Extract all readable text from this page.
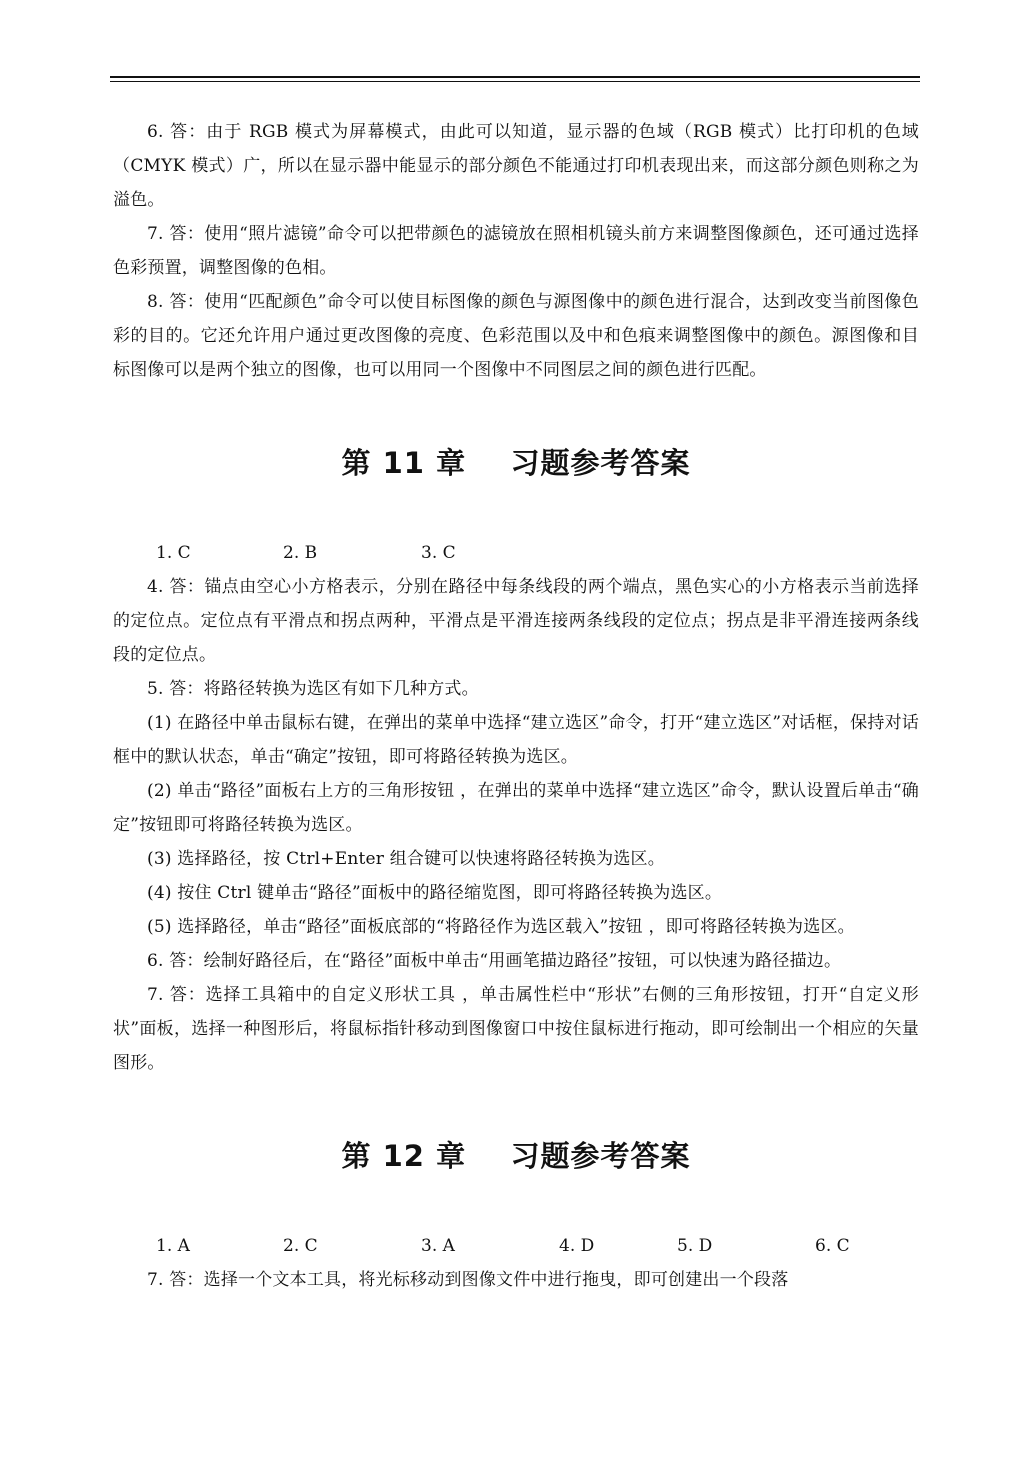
6. 答：由于 RGB 模式为屏幕模式，由此可以知道，显示器的色域（RGB 模式）比打印机的色域（CMYK 模式）广，所以在显示器中能显示的部分颜色不能通过打印机表现出来，而这部分颜色则称之为溢色。

7. 答：使用“照片滤镜”命令可以把带颜色的滤镜放在照相机镜头前方来调整图像颜色，还可通过选择色彩预置，调整图像的色相。

8. 答：使用“匹配颜色”命令可以使目标图像的颜色与源图像中的颜色进行混合，达到改变当前图像色彩的目的。它还允许用户通过更改图像的亮度、色彩范围以及中和色痕来调整图像中的颜色。源图像和目标图像可以是两个独立的图像，也可以用同一个图像中不同图层之间的颜色进行匹配。

第 11 章    习题参考答案
1. C	2. B	3. C

4. 答：锚点由空心小方格表示，分别在路径中每条线段的两个端点，黑色实心的小方格表示当前选择的定位点。定位点有平滑点和拐点两种，平滑点是平滑连接两条线段的定位点；拐点是非平滑连接两条线段的定位点。

5. 答：将路径转换为选区有如下几种方式。

(1) 在路径中单击鼠标右键，在弹出的菜单中选择“建立选区”命令，打开“建立选区”对话框，保持对话框中的默认状态，单击“确定”按钮，即可将路径转换为选区。

(2) 单击“路径”面板右上方的三角形按钮 ，在弹出的菜单中选择“建立选区”命令，默认设置后单击“确定”按钮即可将路径转换为选区。

(3) 选择路径，按 Ctrl+Enter 组合键可以快速将路径转换为选区。

(4) 按住 Ctrl 键单击“路径”面板中的路径缩览图，即可将路径转换为选区。

(5) 选择路径，单击“路径”面板底部的“将路径作为选区载入”按钮 ，即可将路径转换为选区。

6. 答：绘制好路径后，在“路径”面板中单击“用画笔描边路径”按钮，可以快速为路径描边。

7. 答：选择工具箱中的自定义形状工具 ，单击属性栏中“形状”右侧的三角形按钮，打开“自定义形状”面板，选择一种图形后，将鼠标指针移动到图像窗口中按住鼠标进行拖动，即可绘制出一个相应的矢量图形。

第 12 章    习题参考答案
1. A	2. C	3. A	4. D	5. D	6. C

7. 答：选择一个文本工具，将光标移动到图像文件中进行拖曳，即可创建出一个段落
